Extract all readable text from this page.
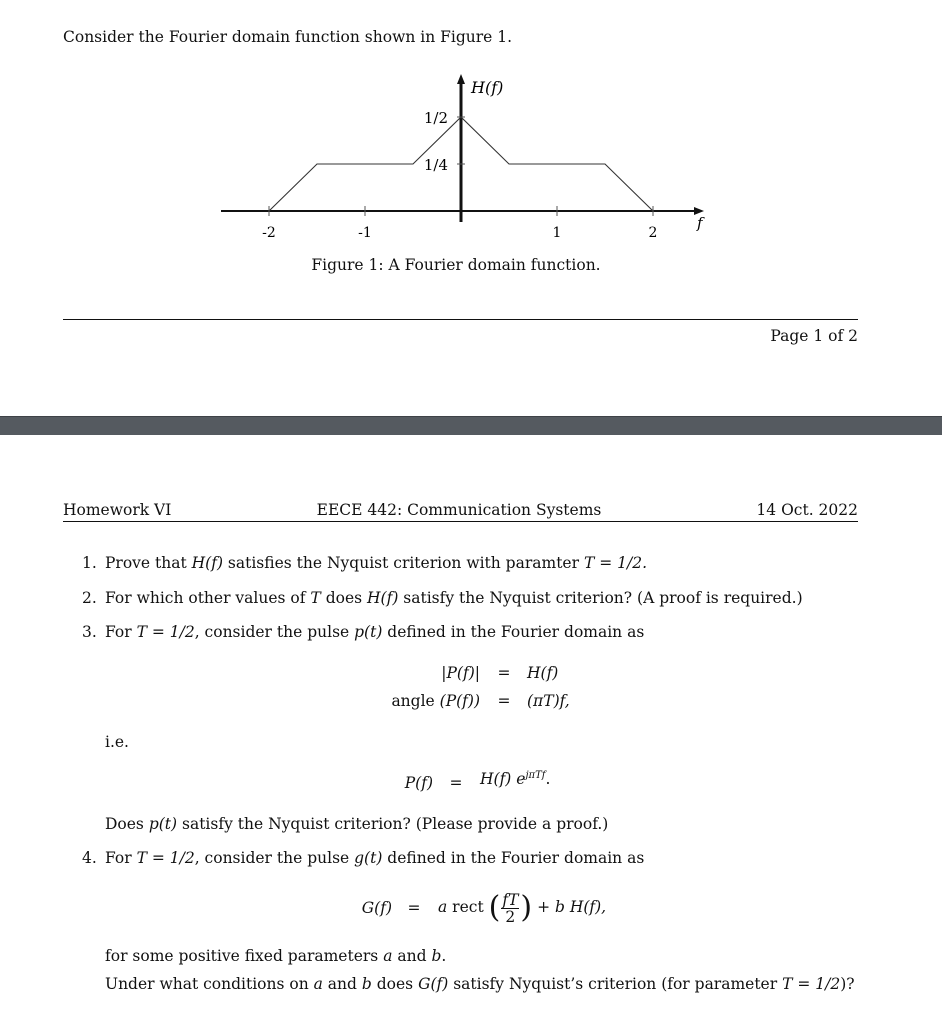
Consider the Fourier domain function shown in Figure 1.
H(f)
f
-2	-1	1	2
1/2
1/4
Figure 1: A Fourier domain function.
Page 1 of 2
Homework VI	EECE 442: Communication Systems	14 Oct. 2022
1. Prove that H(f) satisfies the Nyquist criterion with paramter T = 1/2.
2. For which other values of T does H(f) satisfy the Nyquist criterion? (A proof is required.)
3. For T = 1/2, consider the pulse p(t) defined in the Fourier domain as
|P(f)| = H(f)
angle (P(f)) = (πT)f,
i.e.
P(f) = H(f) $e^{j\pi Tf}$.
Does p(t) satisfy the Nyquist criterion? (Please provide a proof.)
4. For T = 1/2, consider the pulse g(t) defined in the Fourier domain as
G(f) = a rect ( $\frac{fT}{2}$ ) + b H(f),
for some positive fixed parameters a and b.
Under what conditions on a and b does G(f) satisfy Nyquist’s criterion (for parameter T = 1/2)?
